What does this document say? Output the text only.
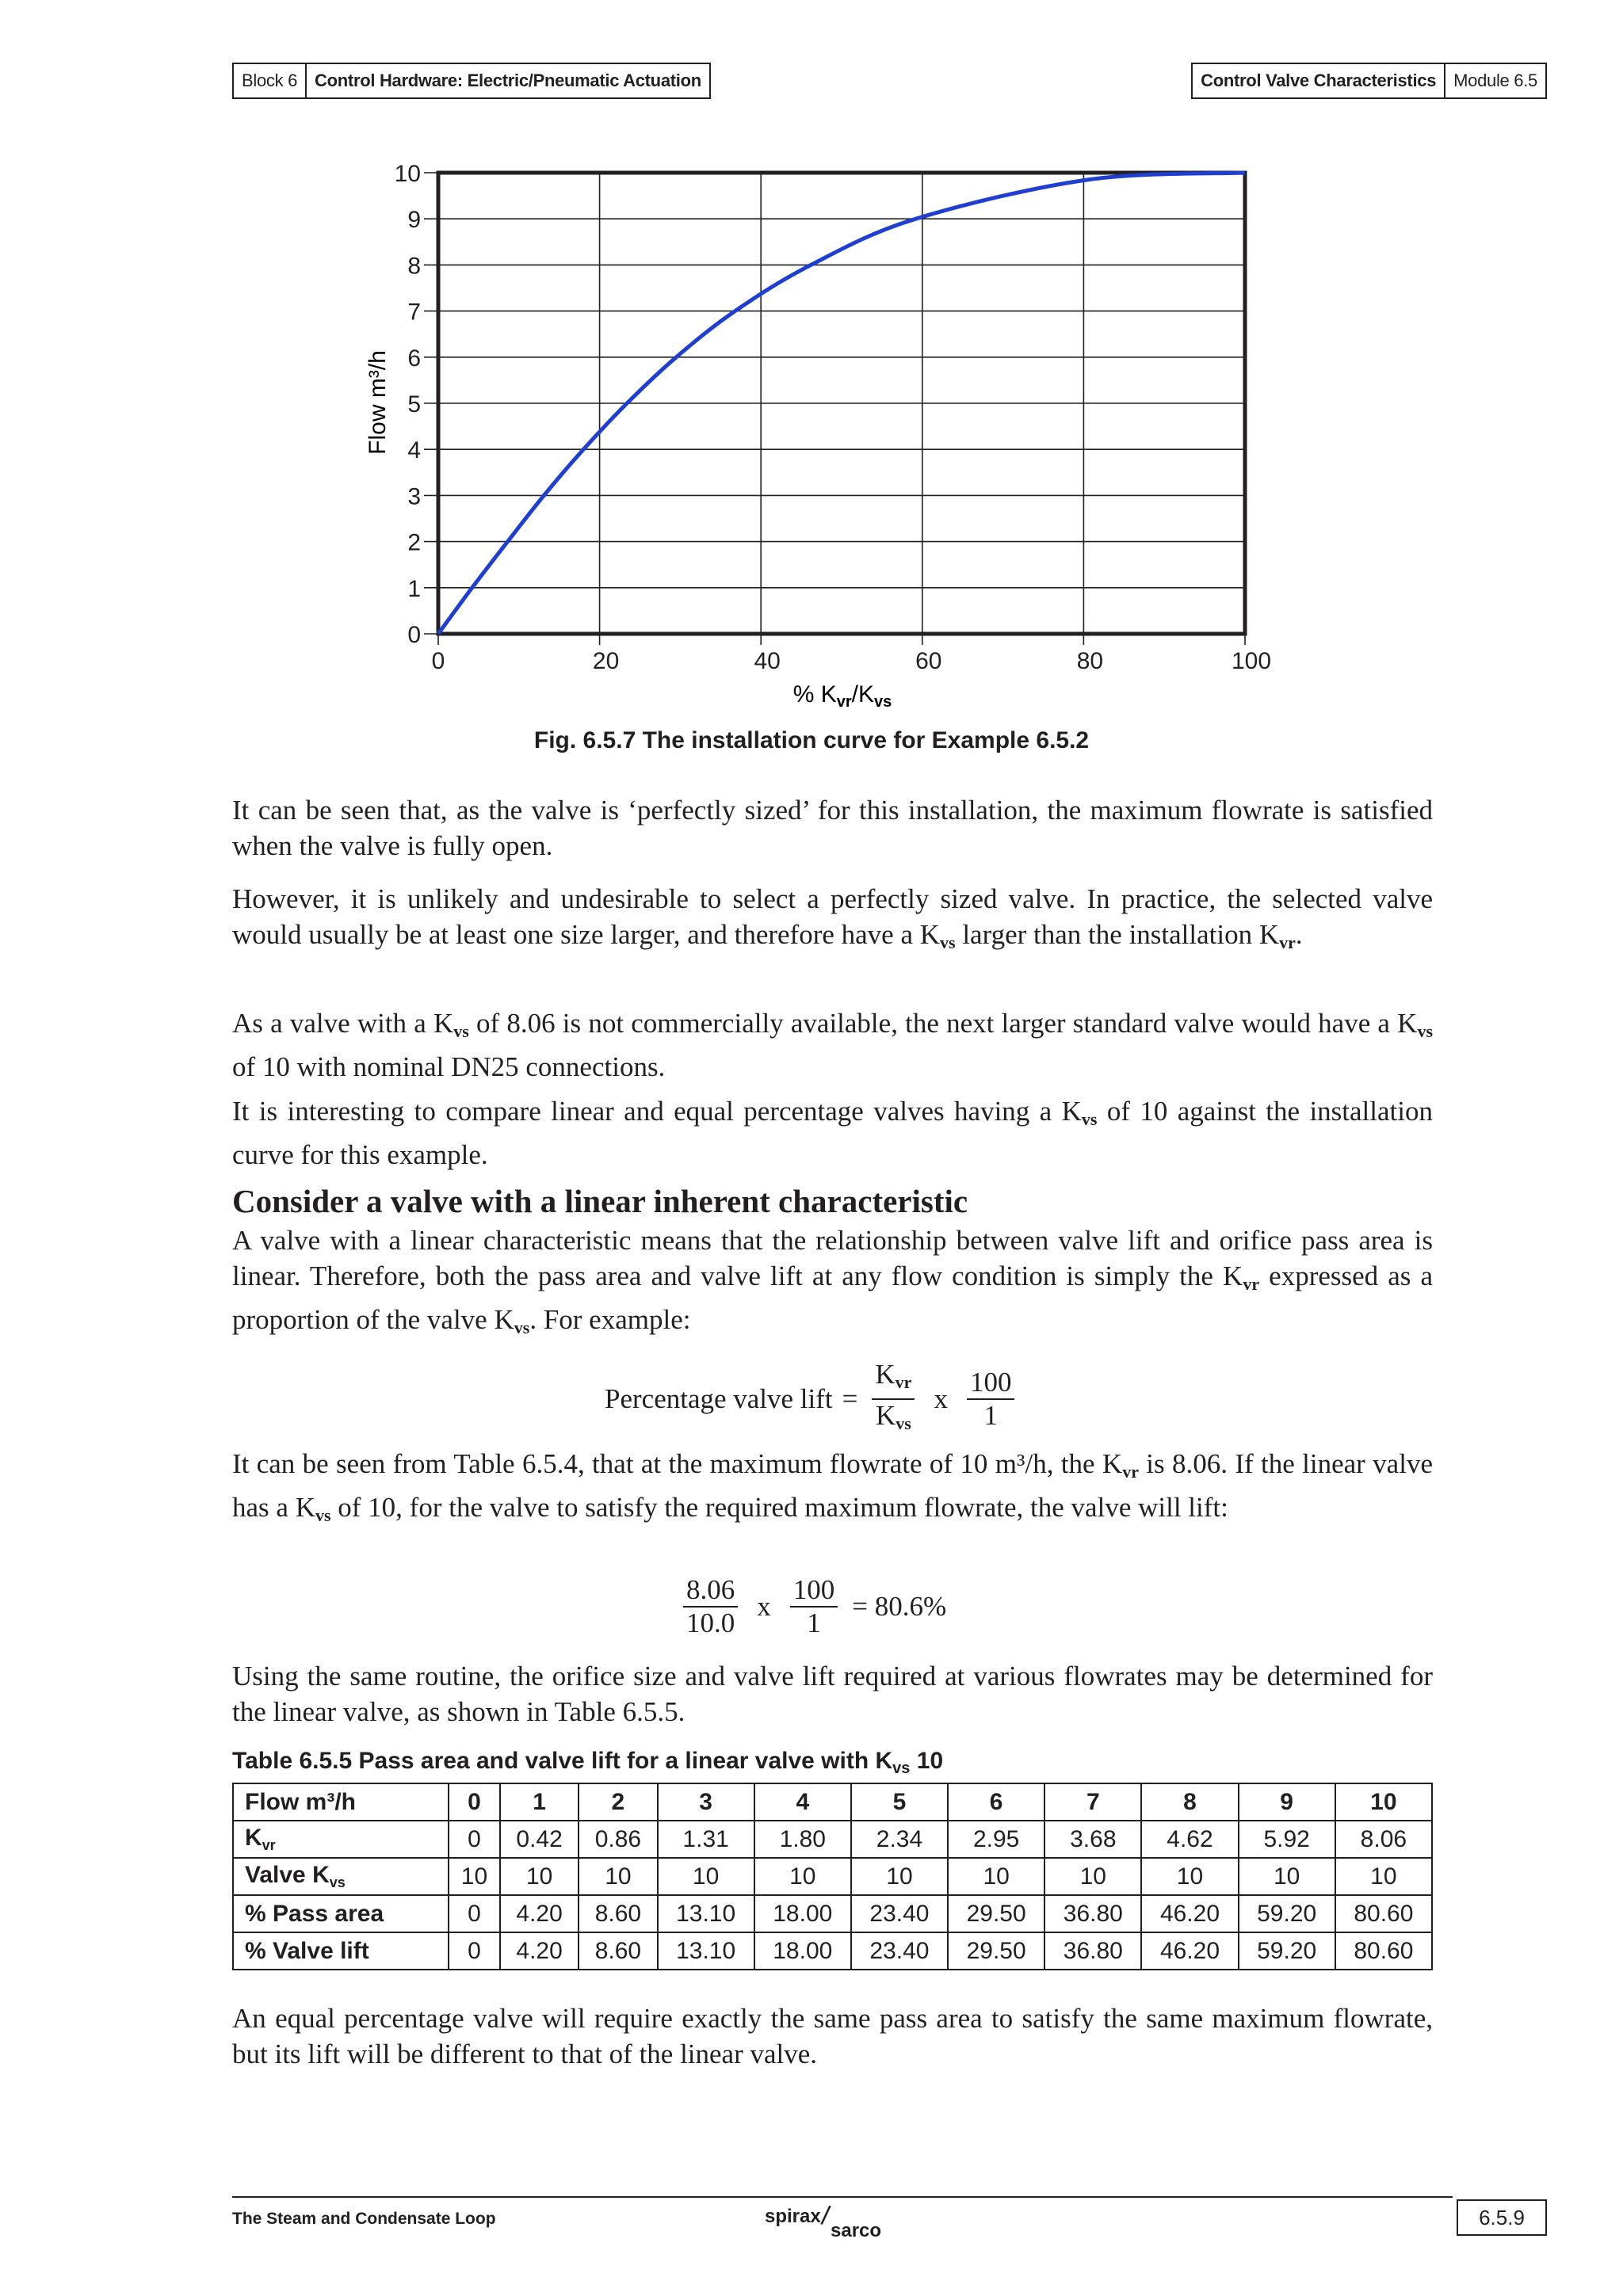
Block 6	Control Hardware: Electric/Pneumatic Actuation	Control Valve Characteristics	Module 6.5
0
1
2
3
4
5
6
7
8
9
10
0	20	40	60	80	100
Flow m³/h
% $K_{vr}/K_{vs}$
Fig. 6.5.7 The installation curve for Example 6.5.2

It can be seen that, as the valve is ‘perfectly sized’ for this installation, the maximum flowrate is satisfied when the valve is fully open.

However, it is unlikely and undesirable to select a perfectly sized valve. In practice, the selected valve would usually be at least one size larger, and therefore have a $K_{vs}$ larger than the installation $K_{vr}$.

As a valve with a $K_{vs}$ of 8.06 is not commercially available, the next larger standard valve would have a $K_{vs}$ of 10 with nominal DN25 connections.

It is interesting to compare linear and equal percentage valves having a $K_{vs}$ of 10 against the installation curve for this example.

Consider a valve with a linear inherent characteristic

A valve with a linear characteristic means that the relationship between valve lift and orifice pass area is linear. Therefore, both the pass area and valve lift at any flow condition is simply the $K_{vr}$ expressed as a proportion of the valve $K_{vs}$. For example:

Percentage valve lift = $\frac{K_{vr}}{K_{vs}}$ x $\frac{100}{1}$

It can be seen from Table 6.5.4, that at the maximum flowrate of 10 m³/h, the $K_{vr}$ is 8.06. If the linear valve has a $K_{vs}$ of 10, for the valve to satisfy the required maximum flowrate, the valve will lift:

$\frac{8.06}{10.0}$ x $\frac{100}{1} = 80.6\%$

Using the same routine, the orifice size and valve lift required at various flowrates may be determined for the linear valve, as shown in Table 6.5.5.

Table 6.5.5 Pass area and valve lift for a linear valve with $K_{vs}$ 10
Flow m³/h	0	1	2	3	4	5	6	7	8	9	10
$K_{vr}$	0	0.42	0.86	1.31	1.80	2.34	2.95	3.68	4.62	5.92	8.06
Valve $K_{vs}$	10	10	10	10	10	10	10	10	10	10	10
% Pass area	0	4.20	8.60	13.10	18.00	23.40	29.50	36.80	46.20	59.20	80.60
% Valve lift	0	4.20	8.60	13.10	18.00	23.40	29.50	36.80	46.20	59.20	80.60

An equal percentage valve will require exactly the same pass area to satisfy the same maximum flowrate, but its lift will be different to that of the linear valve.

The Steam and Condensate Loop	spirax
/
sarco
6.5.9
